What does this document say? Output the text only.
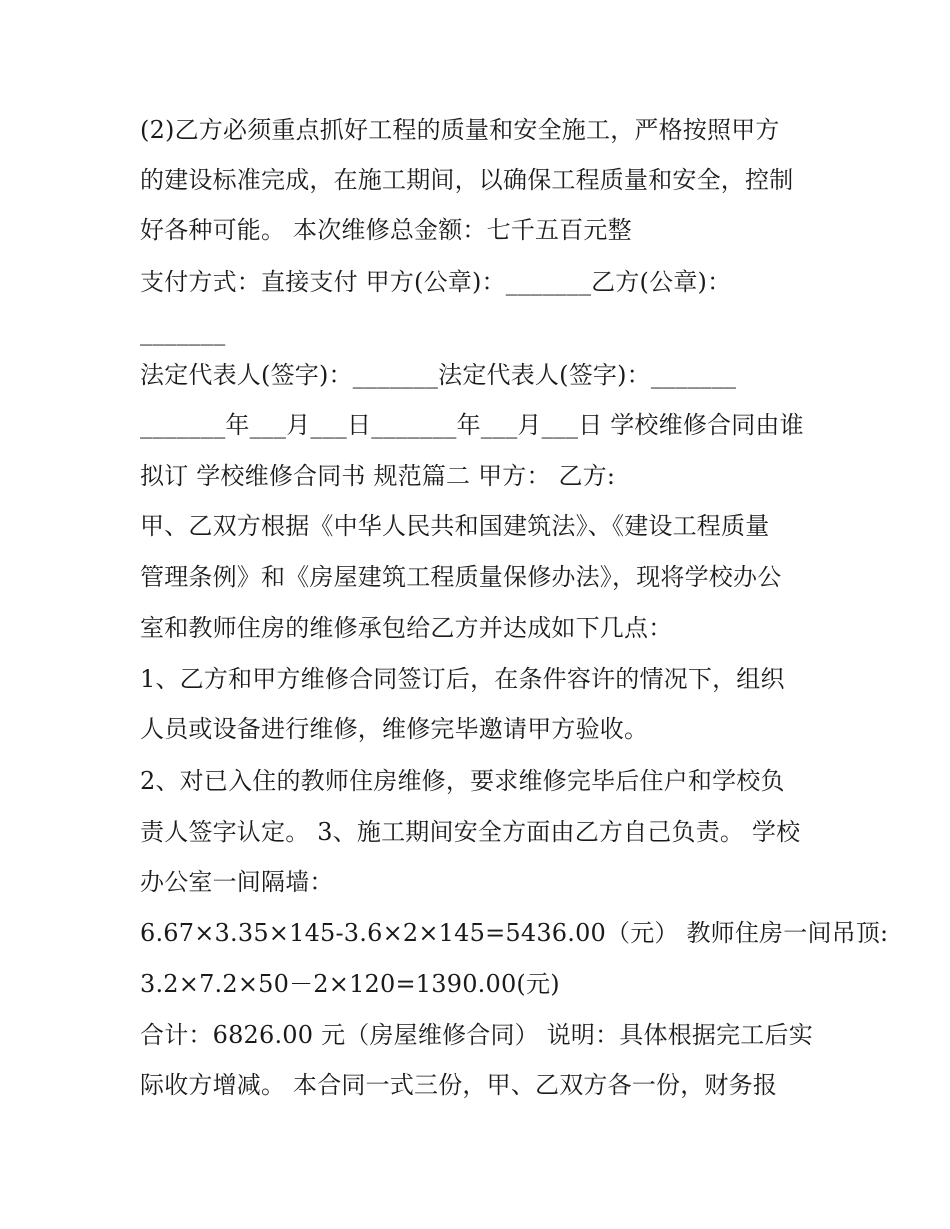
(2)乙方必须重点抓好工程的质量和安全施工，严格按照甲方
的建设标准完成，在施工期间，以确保工程质量和安全，控制
好各种可能。 本次维修总金额：七千五百元整
支付方式：直接支付 甲方(公章)：_______乙方(公章)：
_______
法定代表人(签字)：_______法定代表人(签字)：_______
_______年___月___日_______年___月___日 学校维修合同由谁
拟订 学校维修合同书 规范篇二 甲方： 乙方:
甲、乙双方根据《中华人民共和国建筑法》、《建设工程质量
管理条例》和《房屋建筑工程质量保修办法》，现将学校办公
室和教师住房的维修承包给乙方并达成如下几点：
1、乙方和甲方维修合同签订后，在条件容许的情况下，组织
人员或设备进行维修，维修完毕邀请甲方验收。
2、对已入住的教师住房维修，要求维修完毕后住户和学校负
责人签字认定。 3、施工期间安全方面由乙方自己负责。 学校
办公室一间隔墙：
6.67×3.35×145-3.6×2×145=5436.00（元） 教师住房一间吊顶:
3.2×7.2×50－2×120=1390.00(元)
合计：6826.00 元（房屋维修合同） 说明：具体根据完工后实
际收方增减。 本合同一式三份，甲、乙双方各一份，财务报
